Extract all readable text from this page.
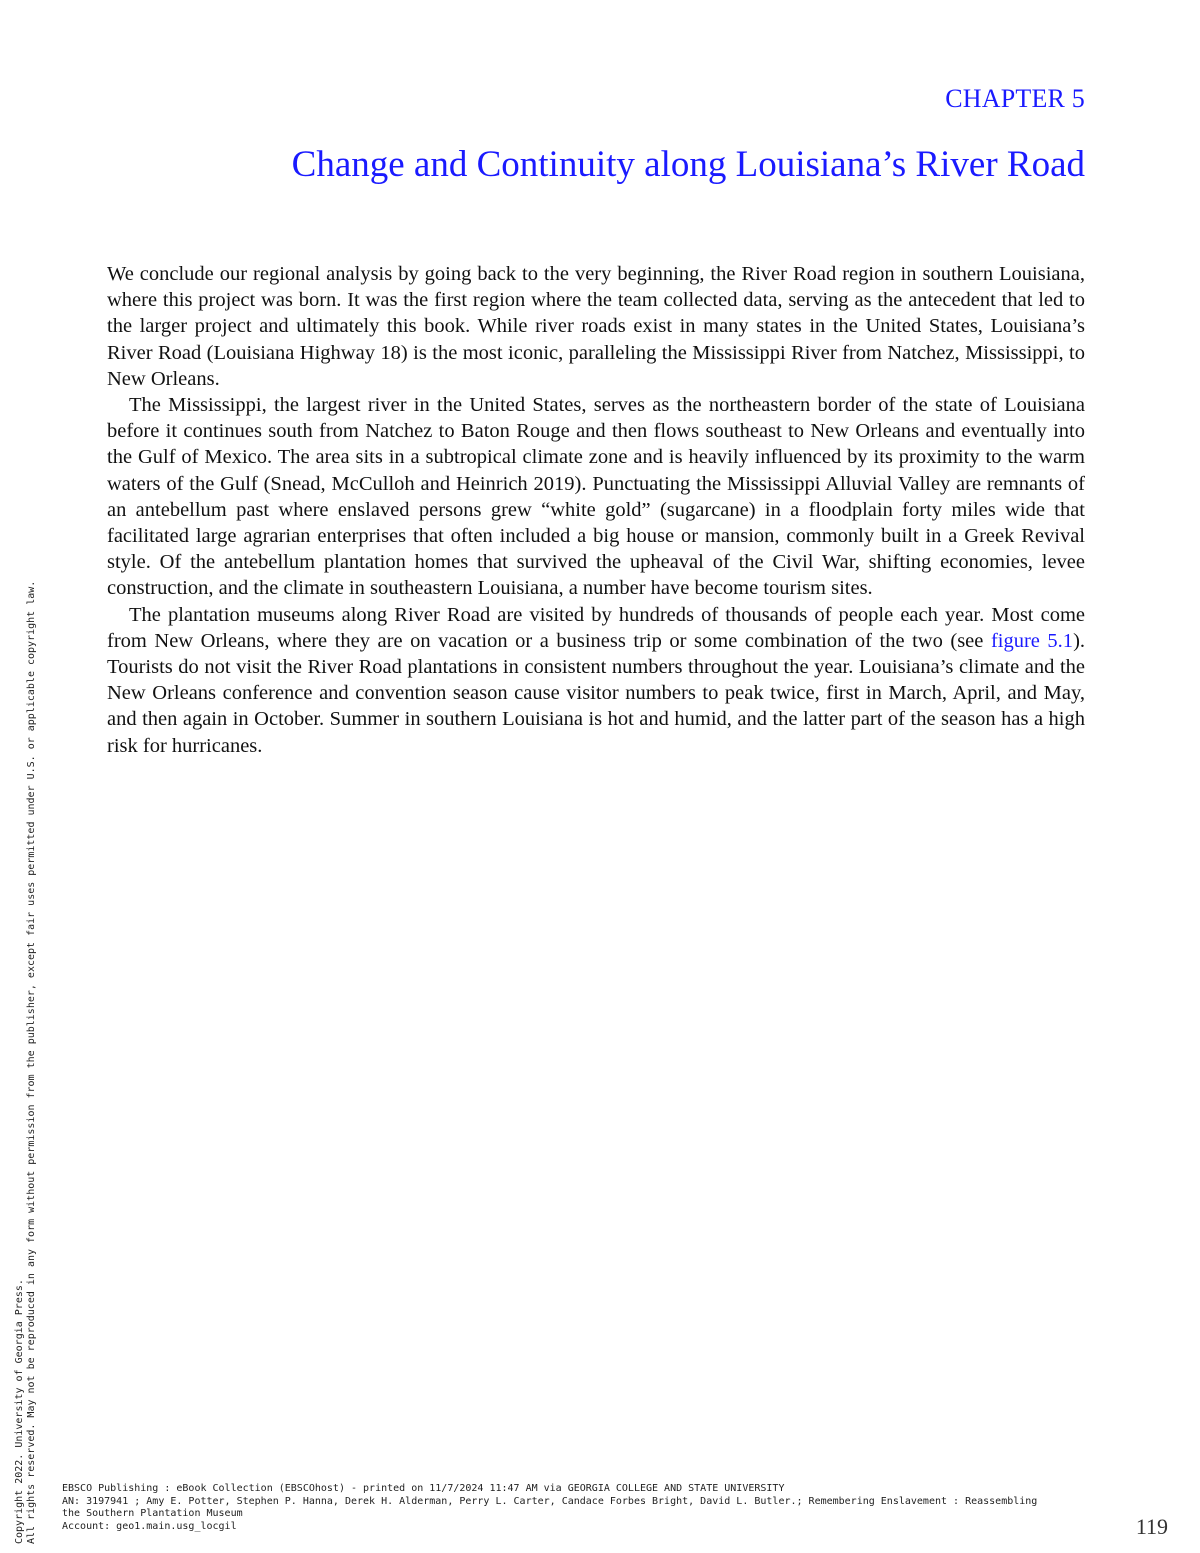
CHAPTER 5
Change and Continuity along Louisiana’s River Road

We conclude our regional analysis by going back to the very beginning, the River Road region in southern Louisiana, where this project was born. It was the first region where the team collected data, serving as the antecedent that led to the larger project and ultimately this book. While river roads exist in many states in the United States, Louisiana’s River Road (Louisiana Highway 18) is the most iconic, paralleling the Mississippi River from Natchez, Mississippi, to New Orleans.

The Mississippi, the largest river in the United States, serves as the northeastern border of the state of Louisiana before it continues south from Natchez to Baton Rouge and then flows southeast to New Orleans and eventually into the Gulf of Mexico. The area sits in a subtropical climate zone and is heavily influenced by its proximity to the warm waters of the Gulf (Snead, McCulloh and Heinrich 2019). Punctuating the Mississippi Alluvial Valley are remnants of an antebellum past where enslaved persons grew “white gold” (sugarcane) in a floodplain forty miles wide that facilitated large agrarian enterprises that often included a big house or mansion, commonly built in a Greek Revival style. Of the antebellum plantation homes that survived the upheaval of the Civil War, shifting economies, levee construction, and the climate in southeastern Louisiana, a number have become tourism sites.

The plantation museums along River Road are visited by hundreds of thousands of people each year. Most come from New Orleans, where they are on vacation or a business trip or some combination of the two (see figure 5.1). Tourists do not visit the River Road plantations in consistent numbers throughout the year. Louisiana’s climate and the New Orleans conference and convention season cause visitor numbers to peak twice, first in March, April, and May, and then again in October. Summer in southern Louisiana is hot and humid, and the latter part of the season has a high risk for hurricanes.

Copyright 2022. University of Georgia Press. All rights reserved. May not be reproduced in any form without permission from the publisher, except fair uses permitted under U.S. or applicable copyright law.	EBSCO Publishing : eBook Collection (EBSCOhost) - printed on 11/7/2024 11:47 AM via GEORGIA COLLEGE AND STATE UNIVERSITY
AN: 3197941 ; Amy E. Potter, Stephen P. Hanna, Derek H. Alderman, Perry L. Carter, Candace Forbes Bright, David L. Butler.; Remembering Enslavement : Reassembling
the Southern Plantation Museum
Account: geo1.main.usg_locgil	119
